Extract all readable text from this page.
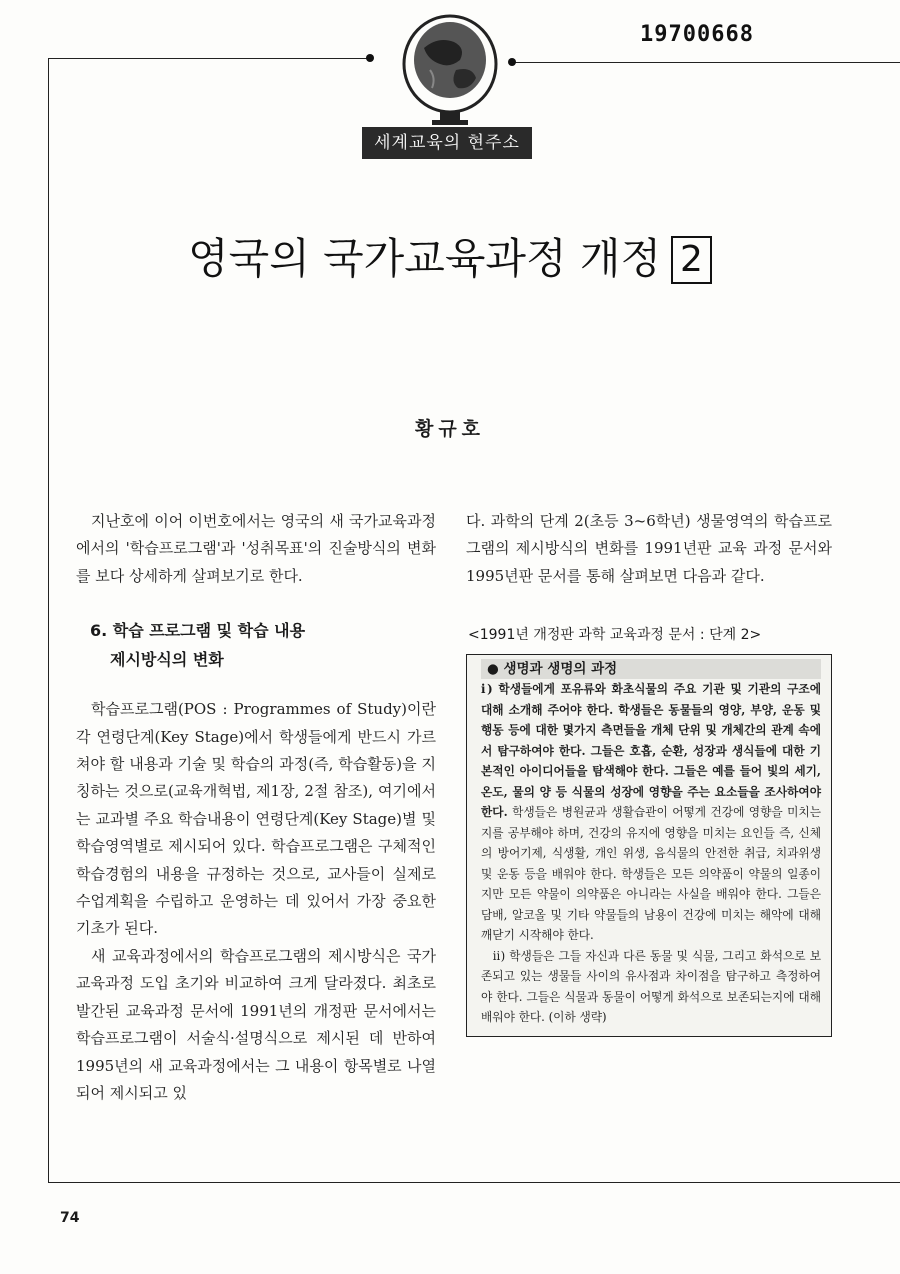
19700668
세계교육의 현주소
영국의 국가교육과정 개정 2
황규호

지난호에 이어 이번호에서는 영국의 새 국가교육과정에서의 '학습프로그램'과 '성취목표'의 진술방식의 변화를 보다 상세하게 살펴보기로 한다.

6. 학습 프로그램 및 학습 내용
제시방식의 변화

학습프로그램(POS : Programmes of Study)이란 각 연령단계(Key Stage)에서 학생들에게 반드시 가르쳐야 할 내용과 기술 및 학습의 과정(즉, 학습활동)을 지칭하는 것으로(교육개혁법, 제1장, 2절 참조), 여기에서는 교과별 주요 학습내용이 연령단계(Key Stage)별 및 학습영역별로 제시되어 있다. 학습프로그램은 구체적인 학습경험의 내용을 규정하는 것으로, 교사들이 실제로 수업계획을 수립하고 운영하는 데 있어서 가장 중요한 기초가 된다.

새 교육과정에서의 학습프로그램의 제시방식은 국가교육과정 도입 초기와 비교하여 크게 달라졌다. 최초로 발간된 교육과정 문서에 1991년의 개정판 문서에서는 학습프로그램이 서술식·설명식으로 제시된 데 반하여 1995년의 새 교육과정에서는 그 내용이 항목별로 나열되어 제시되고 있

다. 과학의 단계 2(초등 3~6학년) 생물영역의 학습프로그램의 제시방식의 변화를 1991년판 교육 과정 문서와 1995년판 문서를 통해 살펴보면 다음과 같다.

<1991년 개정판 과학 교육과정 문서 : 단계 2>
● 생명과 생명의 과정

ⅰ) 학생들에게 포유류와 화초식물의 주요 기관 및 기관의 구조에 대해 소개해 주어야 한다. 학생들은 동물들의 영양, 부양, 운동 및 행동 등에 대한 몇가지 측면들을 개체 단위 및 개체간의 관계 속에서 탐구하여야 한다. 그들은 호흡, 순환, 성장과 생식들에 대한 기본적인 아이디어들을 탐색해야 한다. 그들은 예를 들어 빛의 세기, 온도, 물의 양 등 식물의 성장에 영향을 주는 요소들을 조사하여야 한다. 학생들은 병원균과 생활습관이 어떻게 건강에 영향을 미치는지를 공부해야 하며, 건강의 유지에 영향을 미치는 요인들 즉, 신체의 방어기제, 식생활, 개인 위생, 음식물의 안전한 취급, 치과위생 및 운동 등을 배워야 한다. 학생들은 모든 의약품이 약물의 일종이지만 모든 약물이 의약품은 아니라는 사실을 배워야 한다. 그들은 담배, 알코올 및 기타 약물들의 남용이 건강에 미치는 해악에 대해 깨닫기 시작해야 한다.

ⅱ) 학생들은 그들 자신과 다른 동물 및 식물, 그리고 화석으로 보존되고 있는 생물들 사이의 유사점과 차이점을 탐구하고 측정하여야 한다. 그들은 식물과 동물이 어떻게 화석으로 보존되는지에 대해 배워야 한다. (이하 생략)

74
